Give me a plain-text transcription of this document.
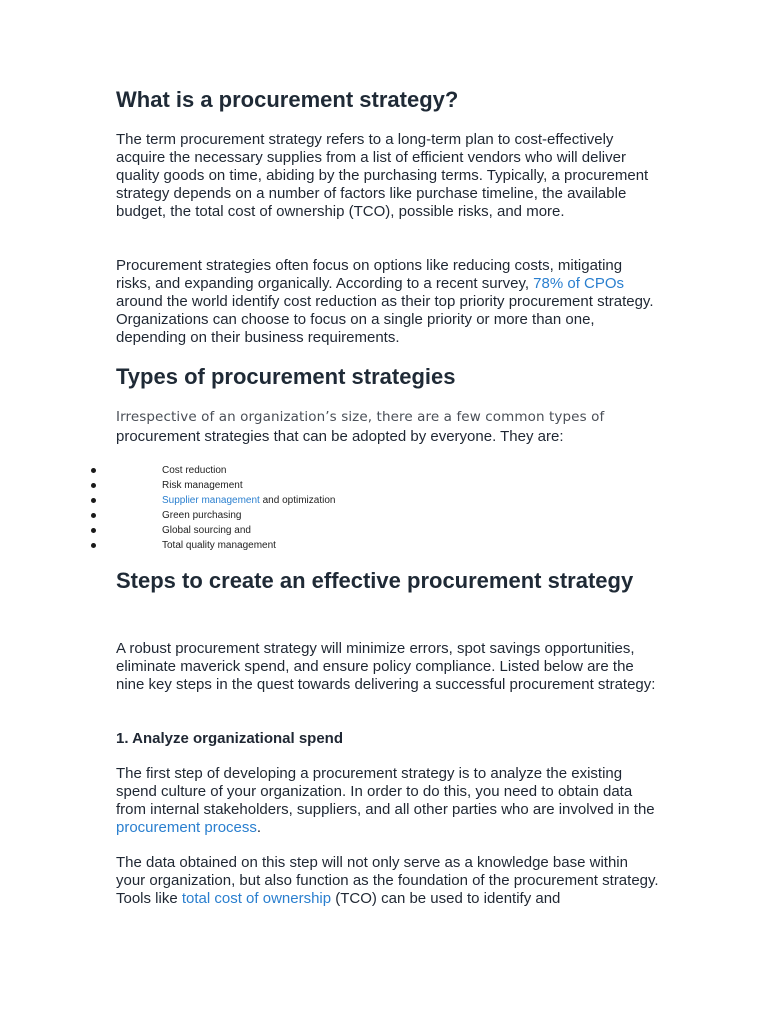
What is a procurement strategy?

The term procurement strategy refers to a long-term plan to cost-effectively acquire the necessary supplies from a list of efficient vendors who will deliver quality goods on time, abiding by the purchasing terms. Typically, a procurement strategy depends on a number of factors like purchase timeline, the available budget, the total cost of ownership (TCO), possible risks, and more.

Procurement strategies often focus on options like reducing costs, mitigating risks, and expanding organically. According to a recent survey, 78% of CPOs around the world identify cost reduction as their top priority procurement strategy. Organizations can choose to focus on a single priority or more than one, depending on their business requirements.

Types of procurement strategies
Irrespective of an organization’s size, there are a few common types of
procurement strategies that can be adopted by everyone. They are:
Cost reduction
Risk management
Supplier management and optimization
Green purchasing
Global sourcing and
Total quality management
Steps to create an effective procurement strategy

A robust procurement strategy will minimize errors, spot savings opportunities, eliminate maverick spend, and ensure policy compliance. Listed below are the nine key steps in the quest towards delivering a successful procurement strategy:

1. Analyze organizational spend

The first step of developing a procurement strategy is to analyze the existing spend culture of your organization. In order to do this, you need to obtain data from internal stakeholders, suppliers, and all other parties who are involved in the procurement process.

The data obtained on this step will not only serve as a knowledge base within your organization, but also function as the foundation of the procurement strategy. Tools like total cost of ownership (TCO) can be used to identify and
